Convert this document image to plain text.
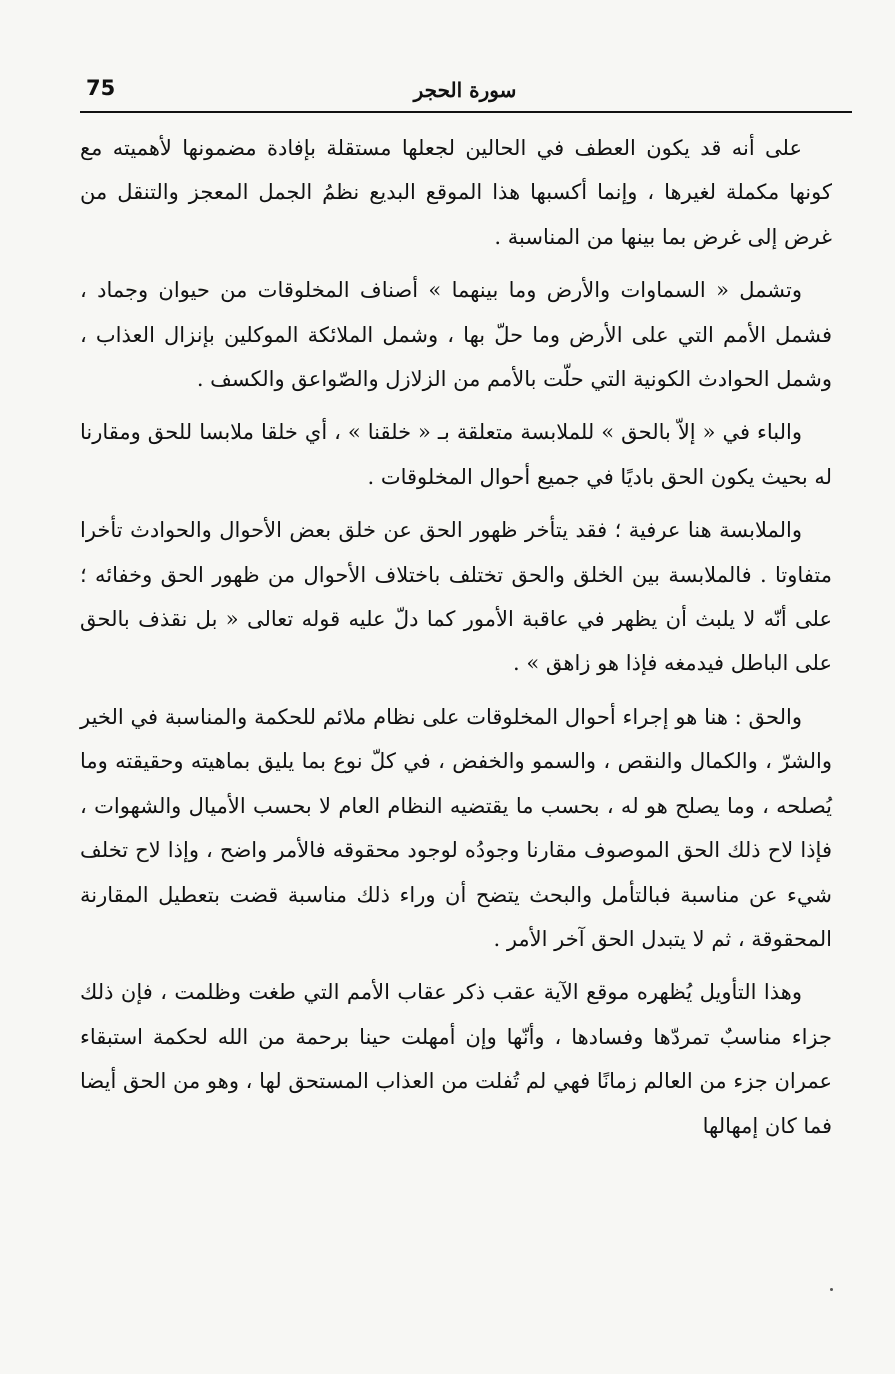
75	سورة الحجر

على أنه قد يكون العطف في الحالين لجعلها مستقلة بإفادة مضمونها لأهميته مع كونها مكملة لغيرها ، وإنما أكسبها هذا الموقع البديع نظمُ الجمل المعجز والتنقل من غرض إلى غرض بما بينها من المناسبة .

وتشمل « السماوات والأرض وما بينهما » أصناف المخلوقات من حيوان وجماد ، فشمل الأمم التي على الأرض وما حلّ بها ، وشمل الملائكة الموكلين بإنزال العذاب ، وشمل الحوادث الكونية التي حلّت بالأمم من الزلازل والصّواعق والكسف .

والباء في « إلاّ بالحق » للملابسة متعلقة بـ « خلقنا » ، أي خلقا ملابسا للحق ومقارنا له بحيث يكون الحق باديًا في جميع أحوال المخلوقات .

والملابسة هنا عرفية ؛ فقد يتأخر ظهور الحق عن خلق بعض الأحوال والحوادث تأخرا متفاوتا . فالملابسة بين الخلق والحق تختلف باختلاف الأحوال من ظهور الحق وخفائه ؛ على أنّه لا يلبث أن يظهر في عاقبة الأمور كما دلّ عليه قوله تعالى « بل نقذف بالحق على الباطل فيدمغه فإذا هو زاهق » .

والحق : هنا هو إجراء أحوال المخلوقات على نظام ملائم للحكمة والمناسبة في الخير والشرّ ، والكمال والنقص ، والسمو والخفض ، في كلّ نوع بما يليق بماهيته وحقيقته وما يُصلحه ، وما يصلح هو له ، بحسب ما يقتضيه النظام العام لا بحسب الأميال والشهوات ، فإذا لاح ذلك الحق الموصوف مقارنا وجودُه لوجود محقوقه فالأمر واضح ، وإذا لاح تخلف شيء عن مناسبة فبالتأمل والبحث يتضح أن وراء ذلك مناسبة قضت بتعطيل المقارنة المحقوقة ، ثم لا يتبدل الحق آخر الأمر .

وهذا التأويل يُظهره موقع الآية عقب ذكر عقاب الأمم التي طغت وظلمت ، فإن ذلك جزاء مناسبٌ تمردّها وفسادها ، وأنّها وإن أمهلت حينا برحمة من الله لحكمة استبقاء عمران جزء من العالم زمانًا فهي لم تُفلت من العذاب المستحق لها ، وهو من الحق أيضا فما كان إمهالها
